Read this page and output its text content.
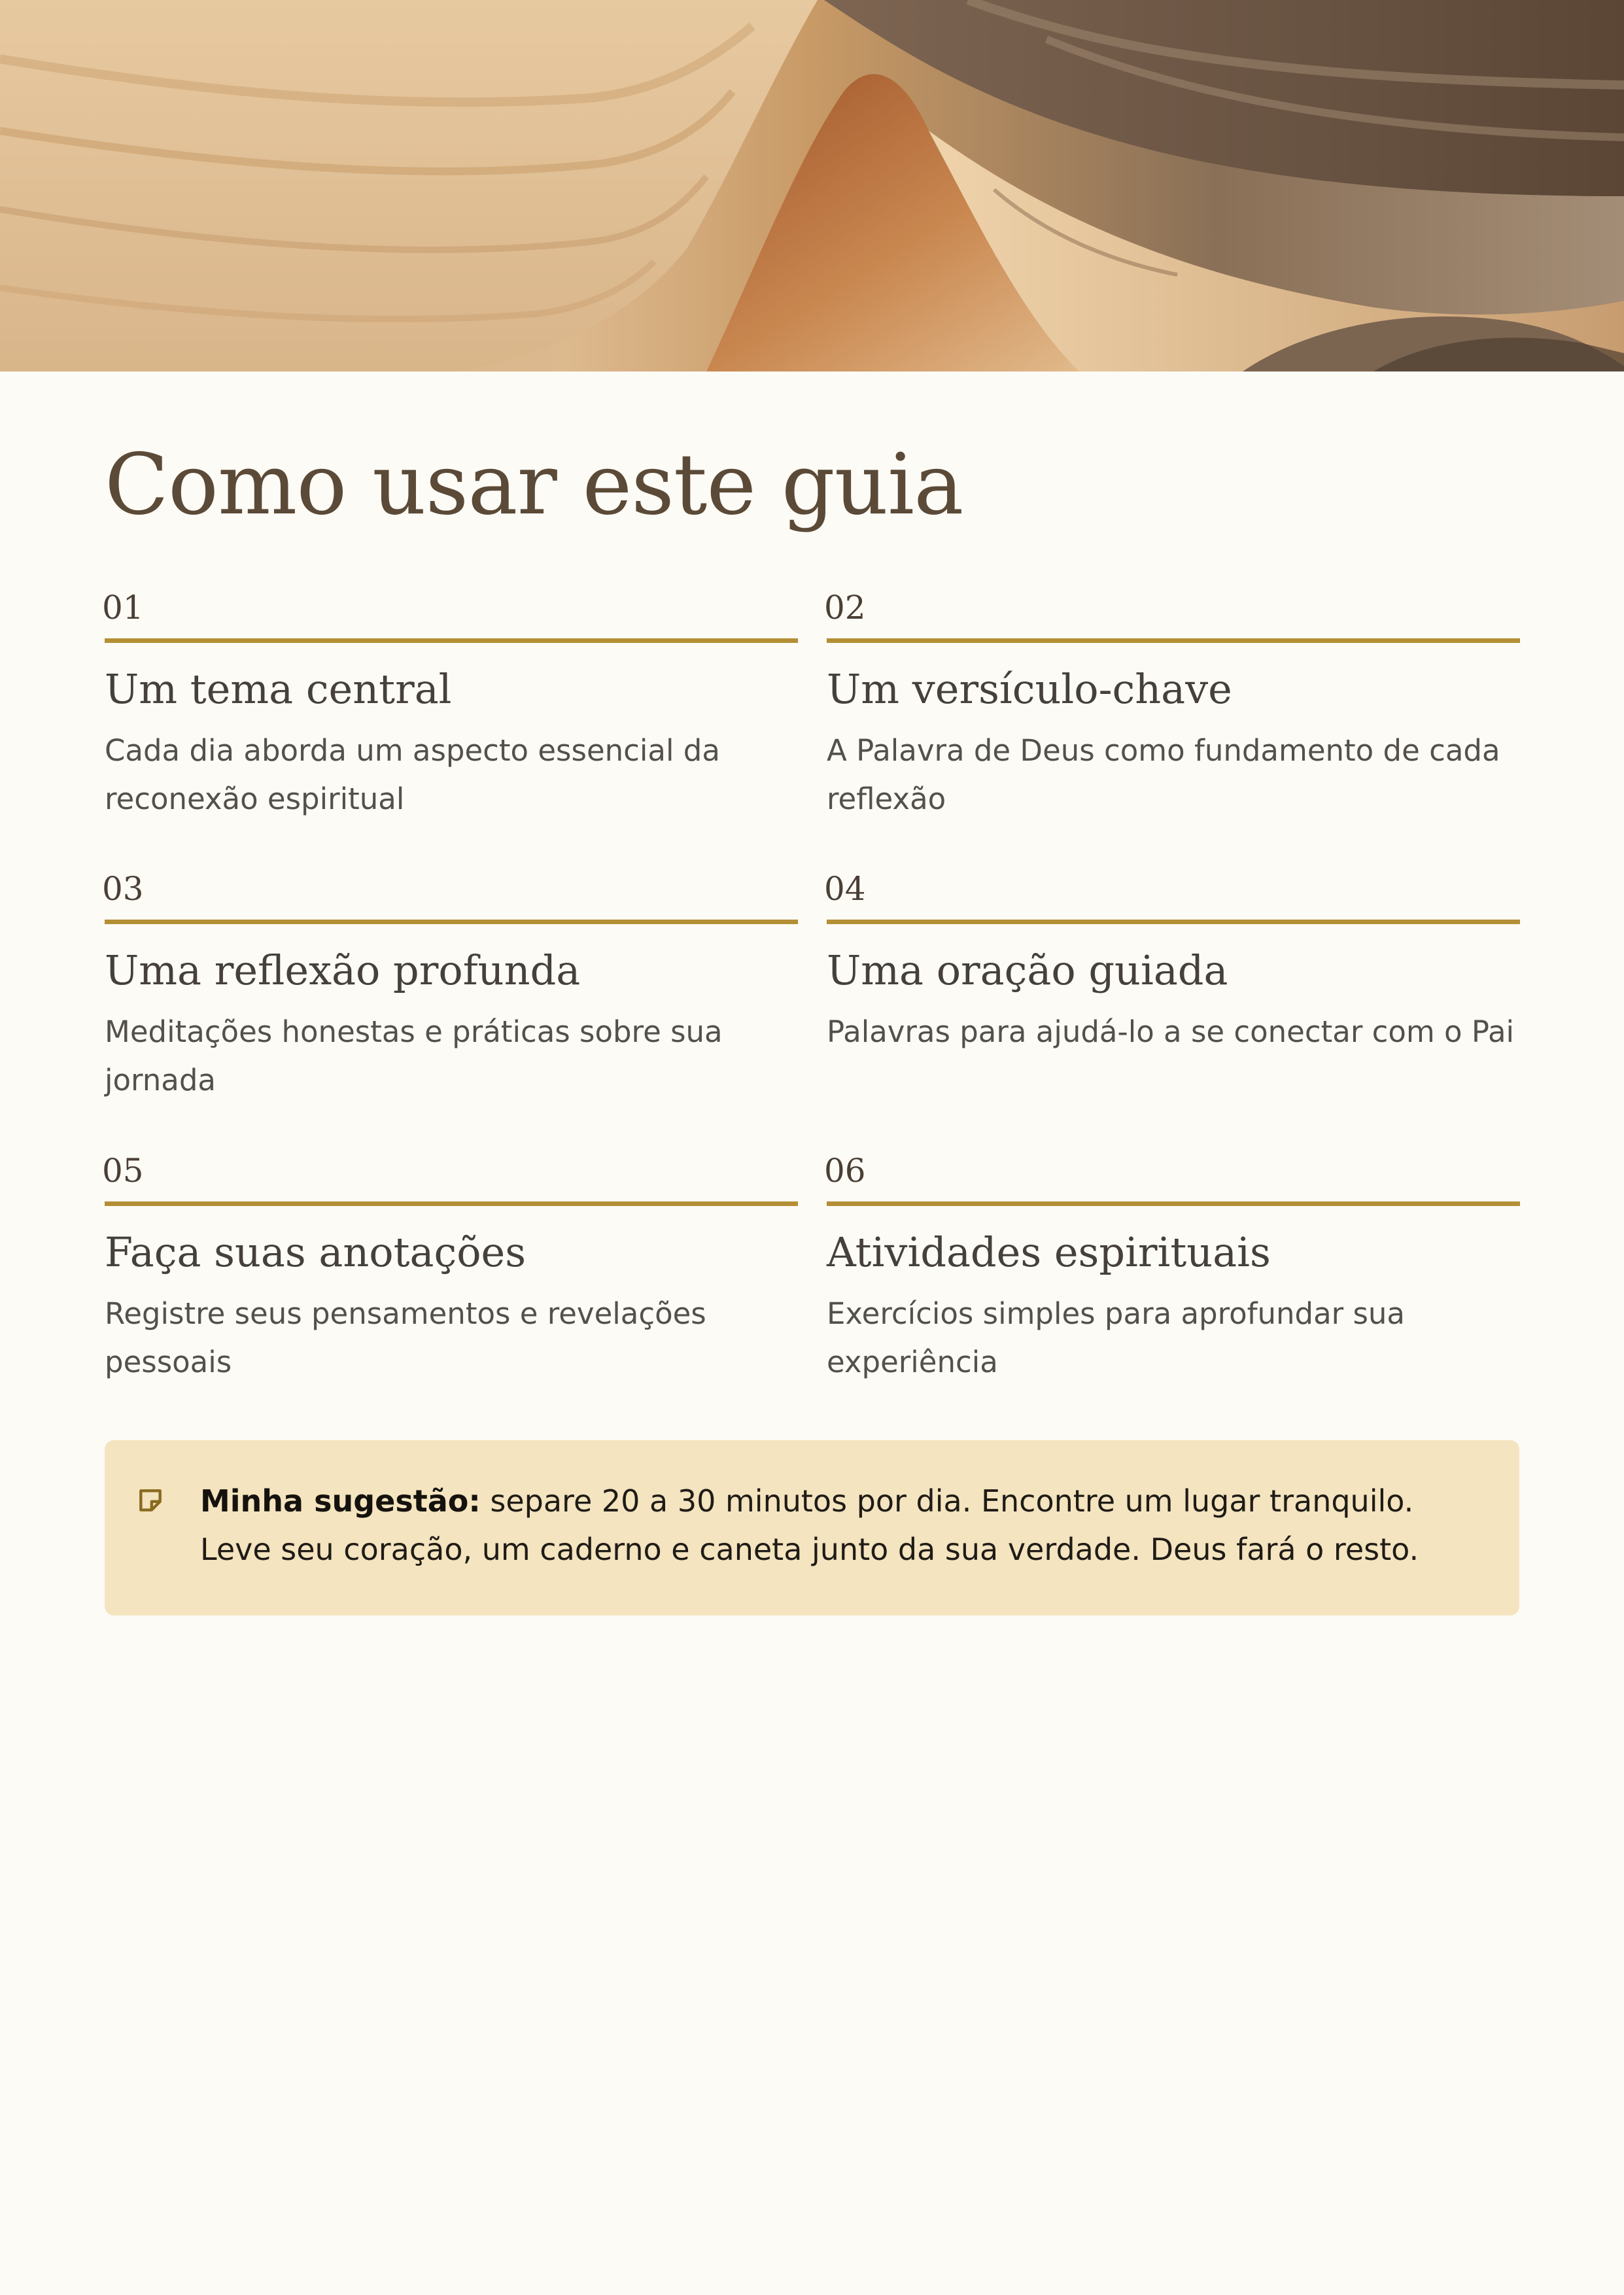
Como usar este guia
01
Um tema central

Cada dia aborda um aspecto essencial da reconexão espiritual

02
Um versículo-chave

A Palavra de Deus como fundamento de cada reflexão

03
Uma reflexão profunda

Meditações honestas e práticas sobre sua jornada

04
Uma oração guiada

Palavras para ajudá-lo a se conectar com o Pai

05
Faça suas anotações

Registre seus pensamentos e revelações pessoais

06
Atividades espirituais

Exercícios simples para aprofundar sua experiência

Minha sugestão: separe 20 a 30 minutos por dia. Encontre um lugar tranquilo. Leve seu coração, um caderno e caneta junto da sua verdade. Deus fará o resto.
